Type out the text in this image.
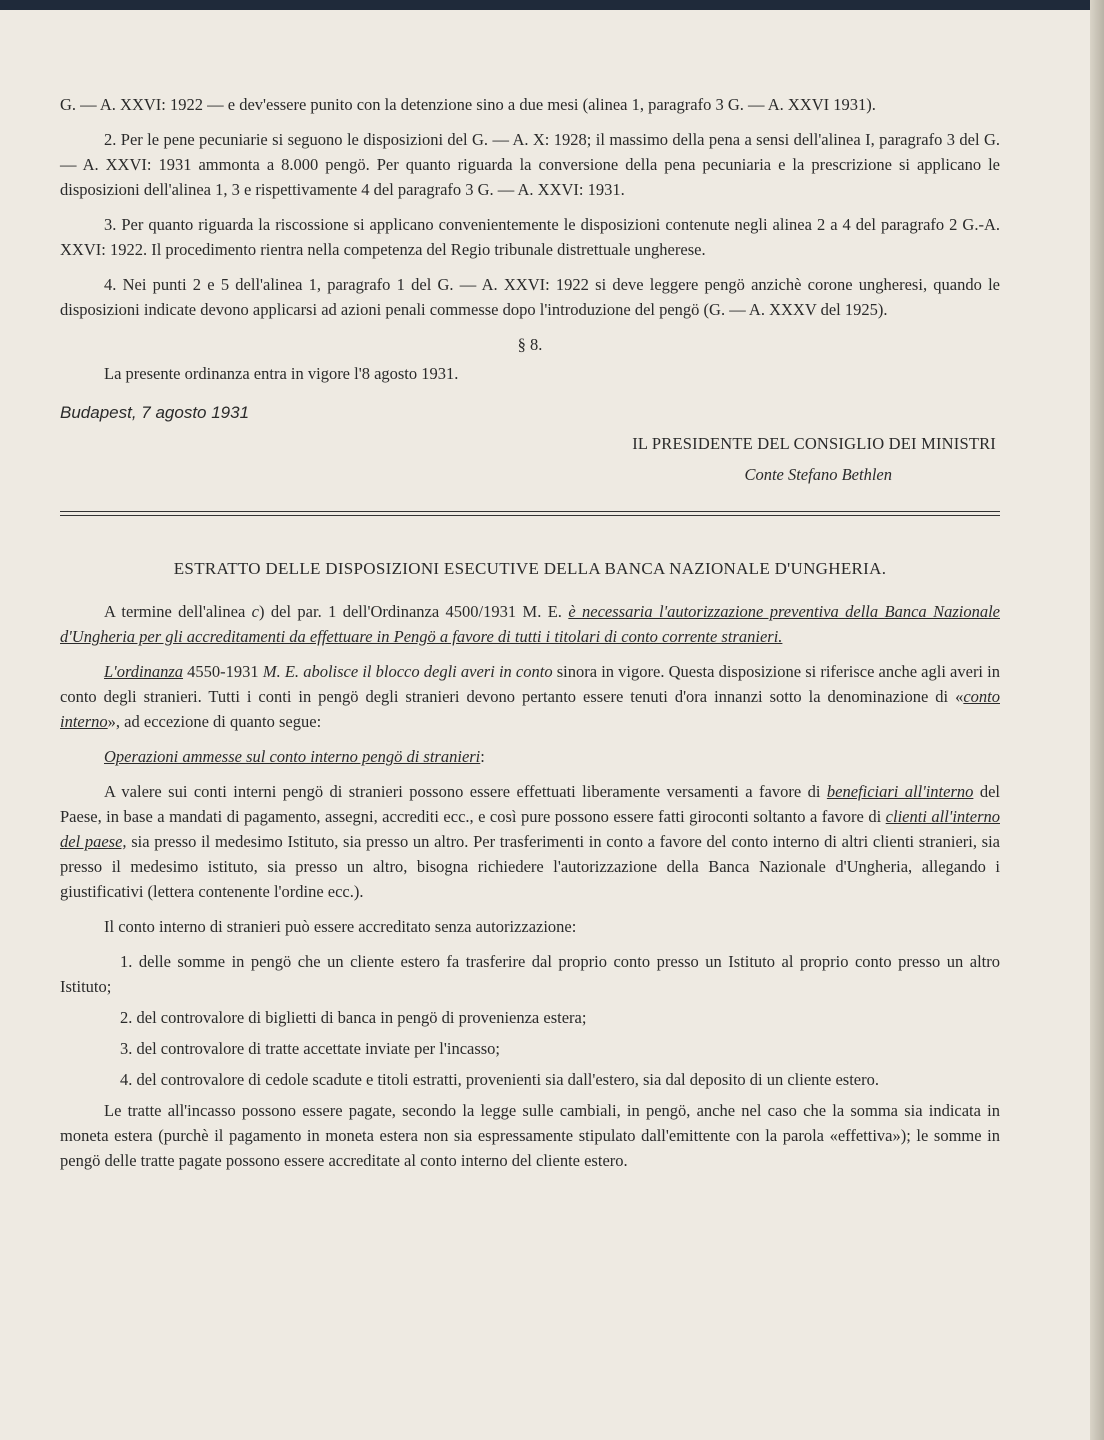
G. — A. XXVI: 1922 — e dev'essere punito con la detenzione sino a due mesi (alinea 1, paragrafo 3 G. — A. XXVI 1931).

2. Per le pene pecuniarie si seguono le disposizioni del G. — A. X: 1928; il massimo della pena a sensi dell'alinea I, paragrafo 3 del G. — A. XXVI: 1931 ammonta a 8.000 pengö. Per quanto riguarda la conversione della pena pecuniaria e la prescrizione si applicano le disposizioni dell'alinea 1, 3 e rispettivamente 4 del paragrafo 3 G. — A. XXVI: 1931.

3. Per quanto riguarda la riscossione si applicano convenientemente le disposizioni contenute negli alinea 2 a 4 del paragrafo 2 G.-A. XXVI: 1922. Il procedimento rientra nella competenza del Regio tribunale distrettuale ungherese.

4. Nei punti 2 e 5 dell'alinea 1, paragrafo 1 del G. — A. XXVI: 1922 si deve leggere pengö anzichè corone ungheresi, quando le disposizioni indicate devono applicarsi ad azioni penali commesse dopo l'introduzione del pengö (G. — A. XXXV del 1925).

§ 8.

La presente ordinanza entra in vigore l'8 agosto 1931.

Budapest, 7 agosto 1931
IL PRESIDENTE DEL CONSIGLIO DEI MINISTRI
Conte Stefano Bethlen
ESTRATTO DELLE DISPOSIZIONI ESECUTIVE DELLA BANCA NAZIONALE D'UNGHERIA.

A termine dell'alinea c) del par. 1 dell'Ordinanza 4500/1931 M. E. è necessaria l'autorizzazione preventiva della Banca Nazionale d'Ungheria per gli accreditamenti da effettuare in Pengö a favore di tutti i titolari di conto corrente stranieri.

L'ordinanza 4550-1931 M. E. abolisce il blocco degli averi in conto sinora in vigore. Questa disposizione si riferisce anche agli averi in conto degli stranieri. Tutti i conti in pengö degli stranieri devono pertanto essere tenuti d'ora innanzi sotto la denominazione di «conto interno», ad eccezione di quanto segue:

Operazioni ammesse sul conto interno pengö di stranieri:

A valere sui conti interni pengö di stranieri possono essere effettuati liberamente versamenti a favore di beneficiari all'interno del Paese, in base a mandati di pagamento, assegni, accrediti ecc., e così pure possono essere fatti giroconti soltanto a favore di clienti all'interno del paese, sia presso il medesimo Istituto, sia presso un altro. Per trasferimenti in conto a favore del conto interno di altri clienti stranieri, sia presso il medesimo istituto, sia presso un altro, bisogna richiedere l'autorizzazione della Banca Nazionale d'Ungheria, allegando i giustificativi (lettera contenente l'ordine ecc.).

Il conto interno di stranieri può essere accreditato senza autorizzazione:

1. delle somme in pengö che un cliente estero fa trasferire dal proprio conto presso un Istituto al proprio conto presso un altro Istituto;

2. del controvalore di biglietti di banca in pengö di provenienza estera;

3. del controvalore di tratte accettate inviate per l'incasso;

4. del controvalore di cedole scadute e titoli estratti, provenienti sia dall'estero, sia dal deposito di un cliente estero.

Le tratte all'incasso possono essere pagate, secondo la legge sulle cambiali, in pengö, anche nel caso che la somma sia indicata in moneta estera (purchè il pagamento in moneta estera non sia espressamente stipulato dall'emittente con la parola «effettiva»); le somme in pengö delle tratte pagate possono essere accreditate al conto interno del cliente estero.
